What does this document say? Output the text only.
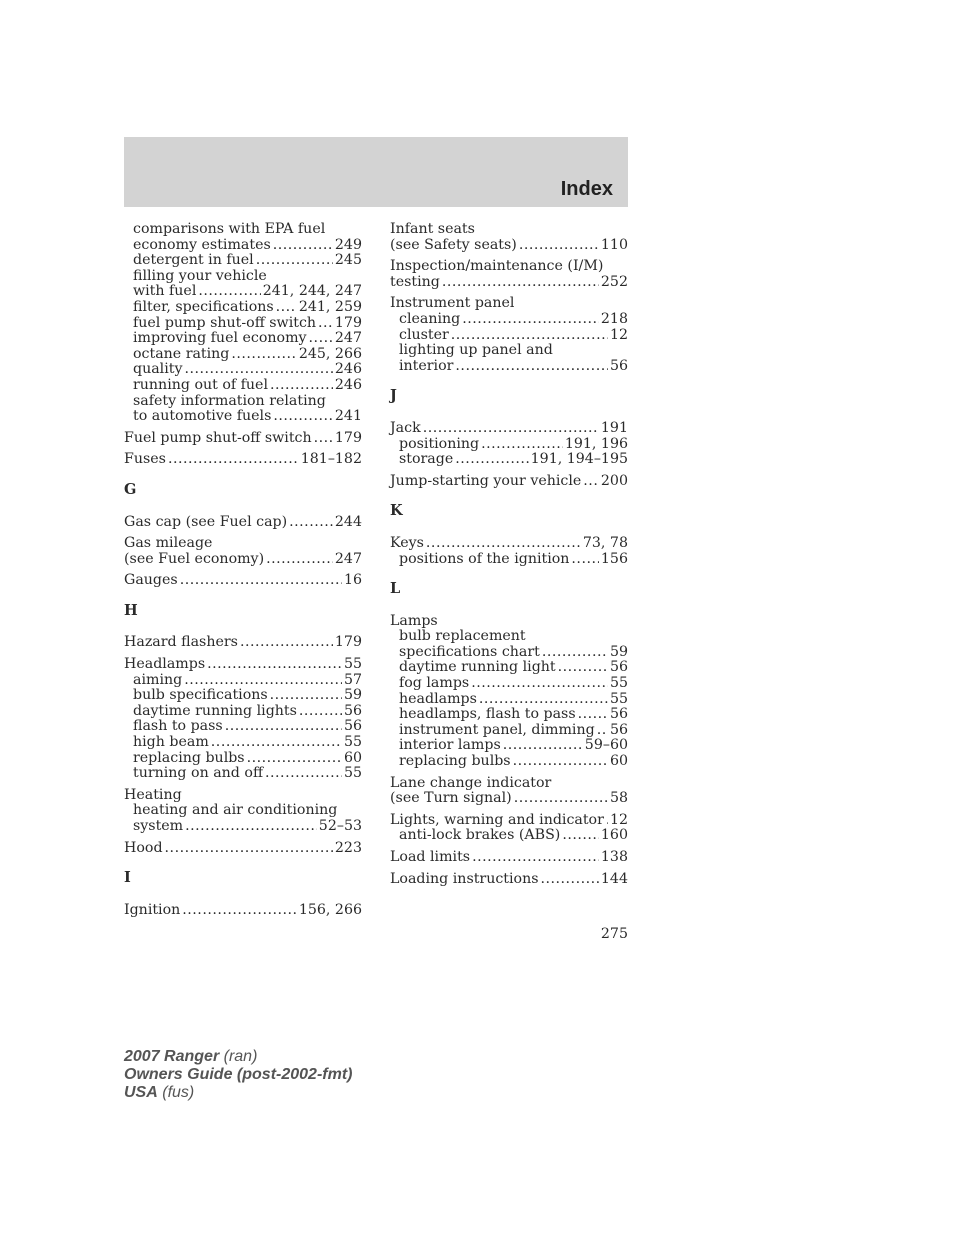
Index
comparisons with EPA fuel
economy estimates .....	249
detergent in fuel .....	245
filling your vehicle
with fuel .....	241, 244, 247
filter, specifications ..... 241, 259
fuel pump shut-off switch ..... 179
improving fuel economy ..... 247
octane rating .....	245, 266
quality .....	246
running out of fuel .....	246
safety information relating
to automotive fuels .....	241
Fuel pump shut-off switch ..... 179
Fuses .....	181–182
G
Gas cap (see Fuel cap) .....	244
Gas mileage
(see Fuel economy) .....	247
Gauges .....	16
H
Hazard flashers .....	179
Headlamps .....	55
aiming .....	57
bulb specifications .....	59
daytime running lights .....	56
flash to pass .....	56
high beam .....	55
replacing bulbs .....	60
turning on and off .....	55
Heating
heating and air conditioning
system .....	52–53
Hood .....	223
I
Ignition .....	156, 266
Infant seats
(see Safety seats) .....	110
Inspection/maintenance (I/M)
testing .....	252
Instrument panel
cleaning .....	218
cluster .....	12
lighting up panel and
interior .....	56
J
Jack .....	191
positioning .....	191, 196
storage .....	191, 194–195
Jump-starting your vehicle ..... 200
K
Keys .....	73, 78
positions of the ignition ..... 156
L
Lamps
bulb replacement
specifications chart .....	59
daytime running light .....	56
fog lamps .....	55
headlamps .....	55
headlamps, flash to pass ..... 56
instrument panel, dimming ..... 56
interior lamps .....	59–60
replacing bulbs .....	60
Lane change indicator
(see Turn signal) .....	58
Lights, warning and indicator ..... 12
anti-lock brakes (ABS) .....	160
Load limits .....	138
Loading instructions .....	144
275
2007 Ranger (ran)
Owners Guide (post-2002-fmt)
USA (fus)
